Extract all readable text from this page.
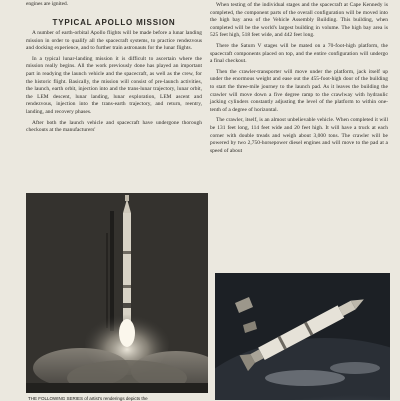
engines are ignited.
TYPICAL APOLLO MISSION

A number of earth-orbital Apollo flights will be made before a lunar landing mission in order to qualify all the spacecraft systems, to practice rendezvous and docking experience, and to further train astronauts for the lunar flights.

In a typical lunar-landing mission it is difficult to ascertain where the mission really begins. All the work previously done has played an important part in readying the launch vehicle and the spacecraft, as well as the crew, for the historic flight. Basically, the mission will consist of pre-launch activities, the launch, earth orbit, injection into and the trans-lunar trajectory, lunar orbit, the LEM descent, lunar landing, lunar exploration, LEM ascent and rendezvous, injection into the trans-earth trajectory, and return, reentry, landing, and recovery phases.

After both the launch vehicle and spacecraft have undergone thorough checkouts at the manufacturers'

When testing of the individual stages and the spacecraft at Cape Kennedy is completed, the component parts of the overall configuration will be moved into the high bay area of the Vehicle Assembly Building. This building, when completed will be the world's largest building in volume. The high bay area is 525 feet high, 518 feet wide, and 442 feet long.

There the Saturn V stages will be mated on a 70-foot-high platform, the spacecraft components placed on top, and the entire configuration will undergo a final checkout.

Then the crawler-transporter will move under the platform, jack itself up under the enormous weight and ease out the 455-foot-high door of the building to start the three-mile journey to the launch pad. As it leaves the building the crawler will move down a five degree ramp to the crawlway with hydraulic jacking cylinders constantly adjusting the level of the platform to within one-tenth of a degree of horizontal.

The crawler, itself, is an almost unbelievable vehicle. When completed it will be 131 feet long, 114 feet wide and 20 feet high. It will have a truck at each corner with double treads and weigh about 3,000 tons. The crawler will be powered by two 2,750-horsepower diesel engines and will move to the pad at a speed of about

THE FOLLOWING SERIES of artist's renderings depicts the
